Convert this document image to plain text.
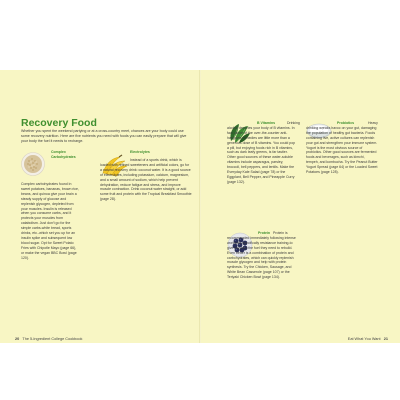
Recovery Food

Whether you spent the weekend partying or at a cross-country meet, chances are your body could use some recovery nutrition. Here are five nutrients you need with foods you can easily prepare that will give your body the fuel it needs to recharge.

Complex Carbohydrates

Complex carbohydrates found in sweet potatoes, bananas, brown rice, beans, and quinoa give your brain a steady supply of glucose and replenish glycogen, depleted from your muscles. Insulin is released when you consume carbs, and it protects your muscles from catabolism. Just don't go for the simple carbs-white bread, sports drinks, etc.-which set you up for an insulin spike and subsequent low blood sugar. Opt for Sweet Potato Fries with Chipotle Mayo (page 66), or make the vegan BBC Bowl (page 120).

Electrolytes

Instead of a sports drink, which is loaded with refined sweeteners and artificial colors, go for a natural recovery drink: coconut water. It is a good source of electrolytes, including potassium, calcium, magnesium, and a small amount of sodium, which help prevent dehydration, reduce fatigue and stress, and improve muscle contraction. Drink coconut water straight, or add some fruit and protein with the Tropical Breakfast Smoothie (page 28).

20 The 5-Ingredient College Cookbook

B Vitamins	Drinking alcohol depletes your body of B vitamins. In fact, some of the over-the-counter anti-hangover remedies are little more than a generous dose of B vitamins. You could pop a pill, but enjoying foods rich in B vitamins, such as dark leafy greens, is far tastier. Other good sources of these water-soluble vitamins include asparagus, parsley, broccoli, bell peppers, and lentils. Make the Everyday Kale Salad (page 78) or the Eggplant, Bell Pepper, and Pineapple Curry (page 132).

Probiotics	Heavy drinking wreaks havoc on your gut, damaging the population of healthy gut bacteria. Foods containing live, active cultures can replenish your gut and strengthen your immune system. Yogurt is the most obvious source of probiotics. Other good sources are fermented foods and beverages, such as kimchi, tempeh, and kombucha. Try the Peanut Butter Yogurt Spread (page 64) or the Loaded Sweet Potatoes (page 128).

Protein Protein is recommended immediately following intense workouts-specifically resistance training-to give muscles the fuel they need to rebuild. Even better is a combination of protein and carbohydrates, which can quickly replenish muscle glycogen and help with protein synthesis. Try the Chicken, Sausage, and White Bean Casserole (page 107) or the Teriyaki Chicken Bowl (page 134).

Eat What You Want 21
